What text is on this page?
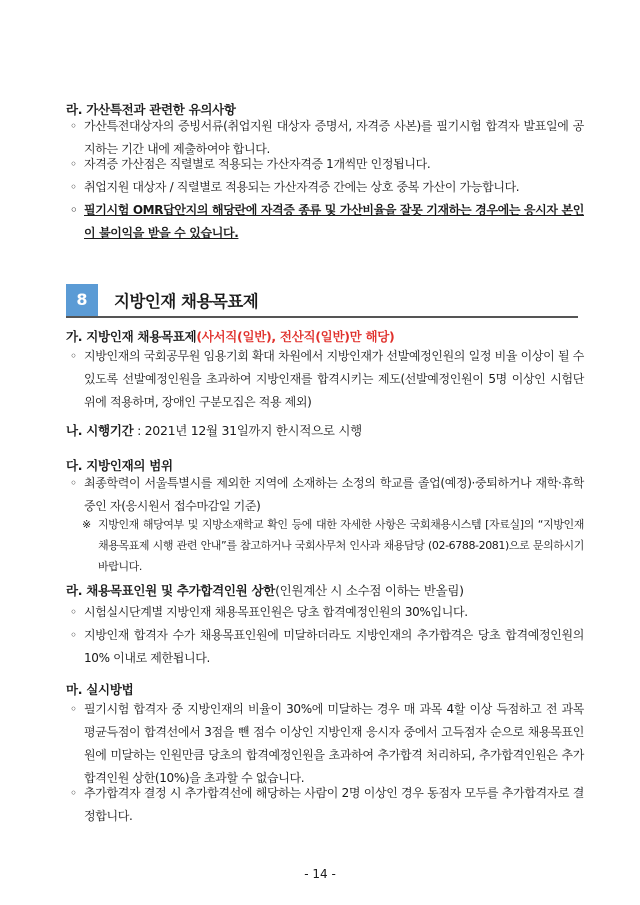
라. 가산특전과 관련한 유의사항
◦ 가산특전대상자의 증빙서류(취업지원 대상자 증명서, 자격증 사본)를 필기시험 합격자 발표일에 공지하는 기간 내에 제출하여야 합니다.
◦ 자격증 가산점은 직렬별로 적용되는 가산자격증 1개씩만 인정됩니다.
◦ 취업지원 대상자 / 직렬별로 적용되는 가산자격증 간에는 상호 중복 가산이 가능합니다.
◦ 필기시험 OMR답안지의 해당란에 자격증 종류 및 가산비율을 잘못 기재하는 경우에는 응시자 본인이 불이익을 받을 수 있습니다.
8	지방인재 채용목표제
가. 지방인재 채용목표제(사서직(일반), 전산직(일반)만 해당)
◦ 지방인재의 국회공무원 임용기회 확대 차원에서 지방인재가 선발예정인원의 일정 비율 이상이 될 수 있도록 선발예정인원을 초과하여 지방인재를 합격시키는 제도(선발예정인원이 5명 이상인 시험단위에 적용하며, 장애인 구분모집은 적용 제외)
나. 시행기간 : 2021년 12월 31일까지 한시적으로 시행
다. 지방인재의 범위
◦ 최종학력이 서울특별시를 제외한 지역에 소재하는 소정의 학교를 졸업(예정)·중퇴하거나 재학·휴학 중인 자(응시원서 접수마감일 기준)
※ 지방인재 해당여부 및 지방소재학교 확인 등에 대한 자세한 사항은 국회채용시스템 [자료실]의 “지방인재 채용목표제 시행 관련 안내”를 참고하거나 국회사무처 인사과 채용담당 (02-6788-2081)으로 문의하시기 바랍니다.
라. 채용목표인원 및 추가합격인원 상한(인원계산 시 소수점 이하는 반올림)
◦ 시험실시단계별 지방인재 채용목표인원은 당초 합격예정인원의 30%입니다.
◦ 지방인재 합격자 수가 채용목표인원에 미달하더라도 지방인재의 추가합격은 당초 합격예정인원의 10% 이내로 제한됩니다.
마. 실시방법
◦ 필기시험 합격자 중 지방인재의 비율이 30%에 미달하는 경우 매 과목 4할 이상 득점하고 전 과목 평균득점이 합격선에서 3점을 뺀 점수 이상인 지방인재 응시자 중에서 고득점자 순으로 채용목표인원에 미달하는 인원만큼 당초의 합격예정인원을 초과하여 추가합격 처리하되, 추가합격인원은 추가합격인원 상한(10%)을 초과할 수 없습니다.
◦ 추가합격자 결정 시 추가합격선에 해당하는 사람이 2명 이상인 경우 동점자 모두를 추가합격자로 결정합니다.
- 14 -
